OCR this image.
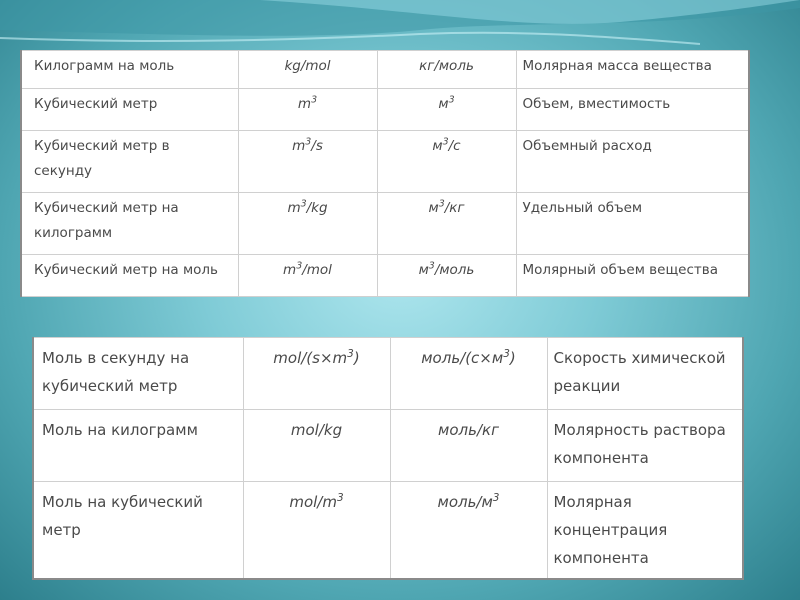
Килограмм на моль	kg/mol	кг/моль	Молярная масса вещества
Кубический метр	$m^3$	$м^3$	Объем, вместимость
Кубический метр в секунду	$m^3/s$	$м^3/с$	Объемный расход
Кубический метр на килограмм	$m^3/kg$	$м^3/кг$	Удельный объем
Кубический метр на моль	$m^3$/mol	$м^3$/моль	Молярный объем вещества
Моль в секунду на кубический метр	mol/$(s\times m^3)$	моль/$(с\times м^3)$	Скорость химической реакции
Моль на килограмм	mol/kg	моль/кг	Молярность раствора компонента
Моль на кубический метр	mol/$m^3$	моль/$м^3$	Молярная концентрация компонента
